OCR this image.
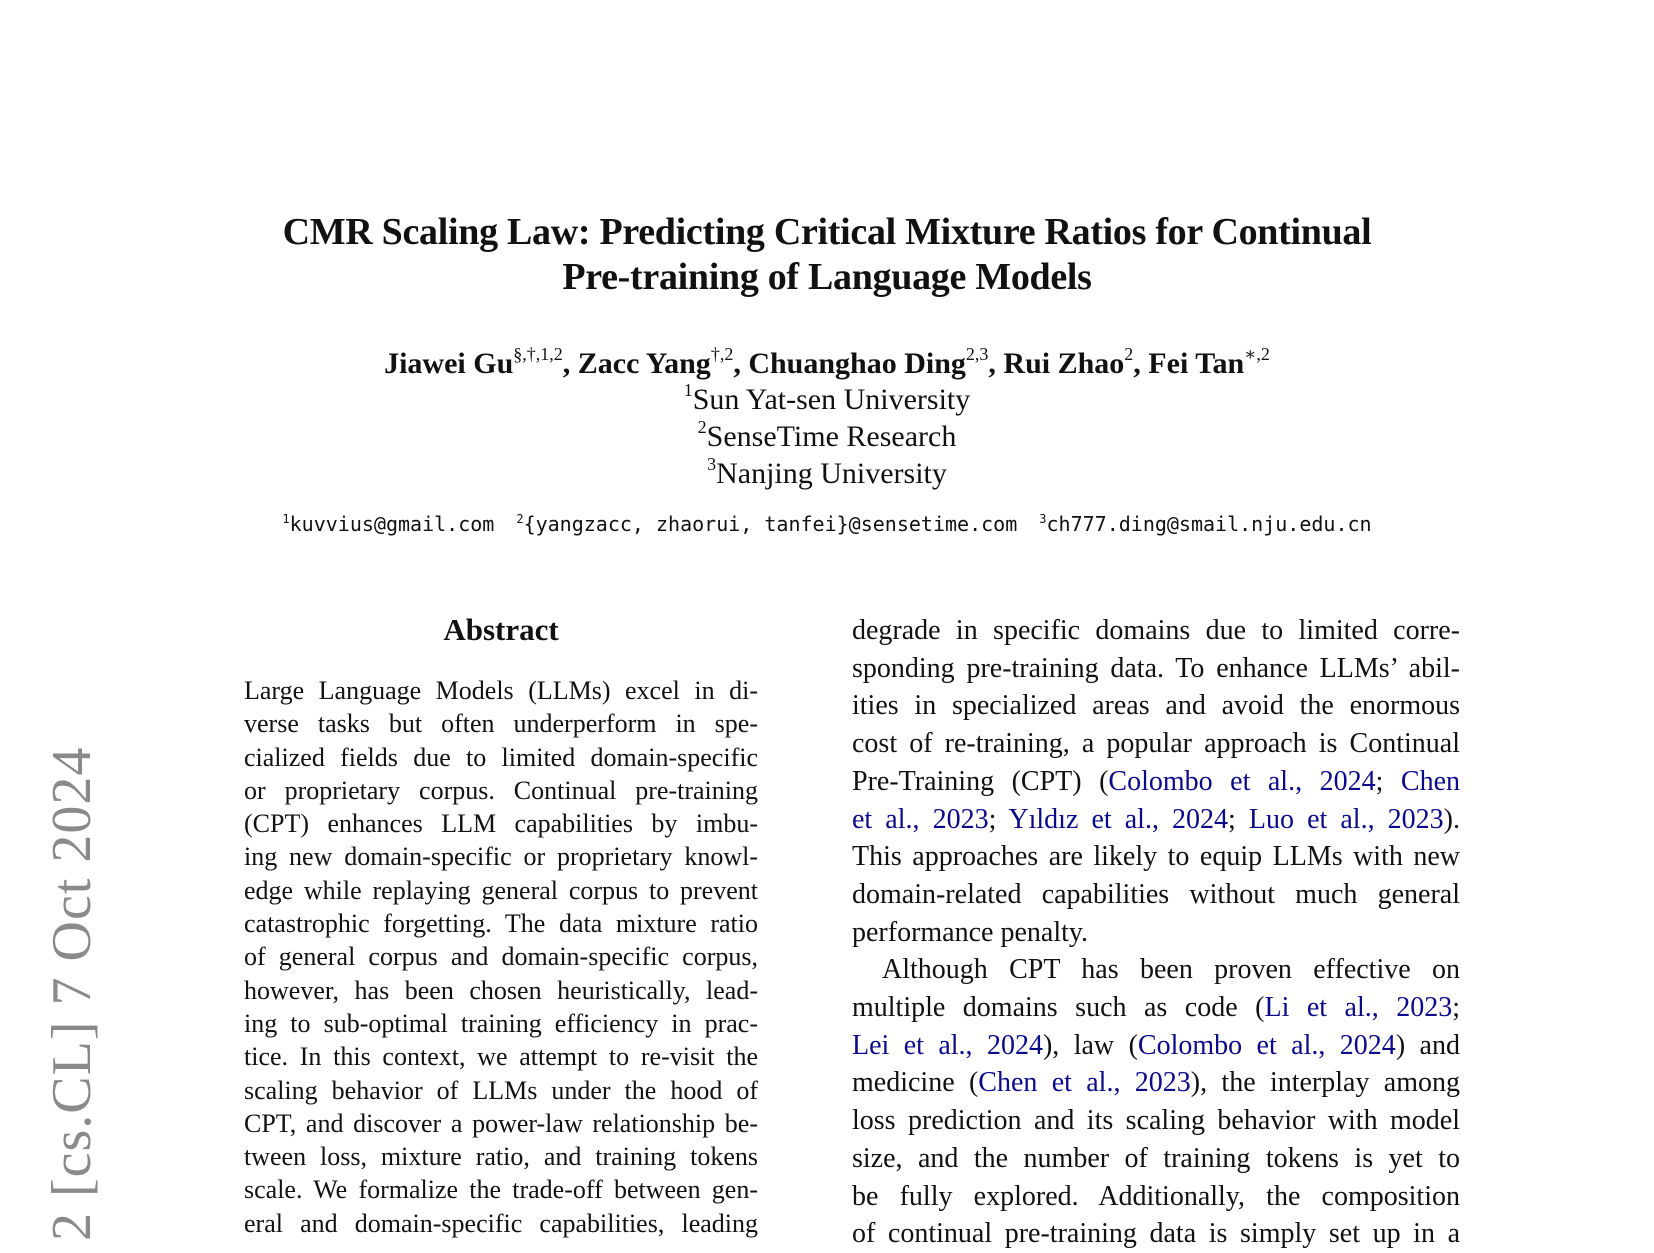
2 [cs.CL] 7 Oct 2024
CMR Scaling Law: Predicting Critical Mixture Ratios for Continual
Pre-training of Language Models
Jiawei $Gu^{\S,\dagger,1,2}$, Zacc Yang$^{\dagger,2}$, Chuanghao Ding$^{2,3}$, Rui Zhao$^2$, Fei Tan$^{∗,2}$
$^1$Sun Yat-sen University
$^2$SenseTime Research
$^3$Nanjing University
$^1$kuvvius@gmail.com $^2${yangzacc, zhaorui, tanfei}@sensetime.com $^3$ch777.ding@smail.nju.edu.cn
Abstract

Large Language Models (LLMs) excel in di-
verse tasks but often underperform in spe-
cialized fields due to limited domain-specific
or proprietary corpus. Continual pre-training
(CPT) enhances LLM capabilities by imbu-
ing new domain-specific or proprietary knowl-
edge while replaying general corpus to prevent
catastrophic forgetting. The data mixture ratio
of general corpus and domain-specific corpus,
however, has been chosen heuristically, lead-
ing to sub-optimal training efficiency in prac-
tice. In this context, we attempt to re-visit the
scaling behavior of LLMs under the hood of
CPT, and discover a power-law relationship be-
tween loss, mixture ratio, and training tokens
scale. We formalize the trade-off between gen-
eral and domain-specific capabilities, leading

degrade in specific domains due to limited corre-
sponding pre-training data. To enhance LLMs’ abil-
ities in specialized areas and avoid the enormous
cost of re-training, a popular approach is Continual
Pre-Training (CPT) (Colombo et al., 2024; Chen
et al., 2023; Yıldız et al., 2024; Luo et al., 2023).
This approaches are likely to equip LLMs with new
domain-related capabilities without much general
performance penalty.

Although CPT has been proven effective on
multiple domains such as code (Li et al., 2023;
Lei et al., 2024), law (Colombo et al., 2024) and
medicine (Chen et al., 2023), the interplay among
loss prediction and its scaling behavior with model
size, and the number of training tokens is yet to
be fully explored. Additionally, the composition
of continual pre-training data is simply set up in a
